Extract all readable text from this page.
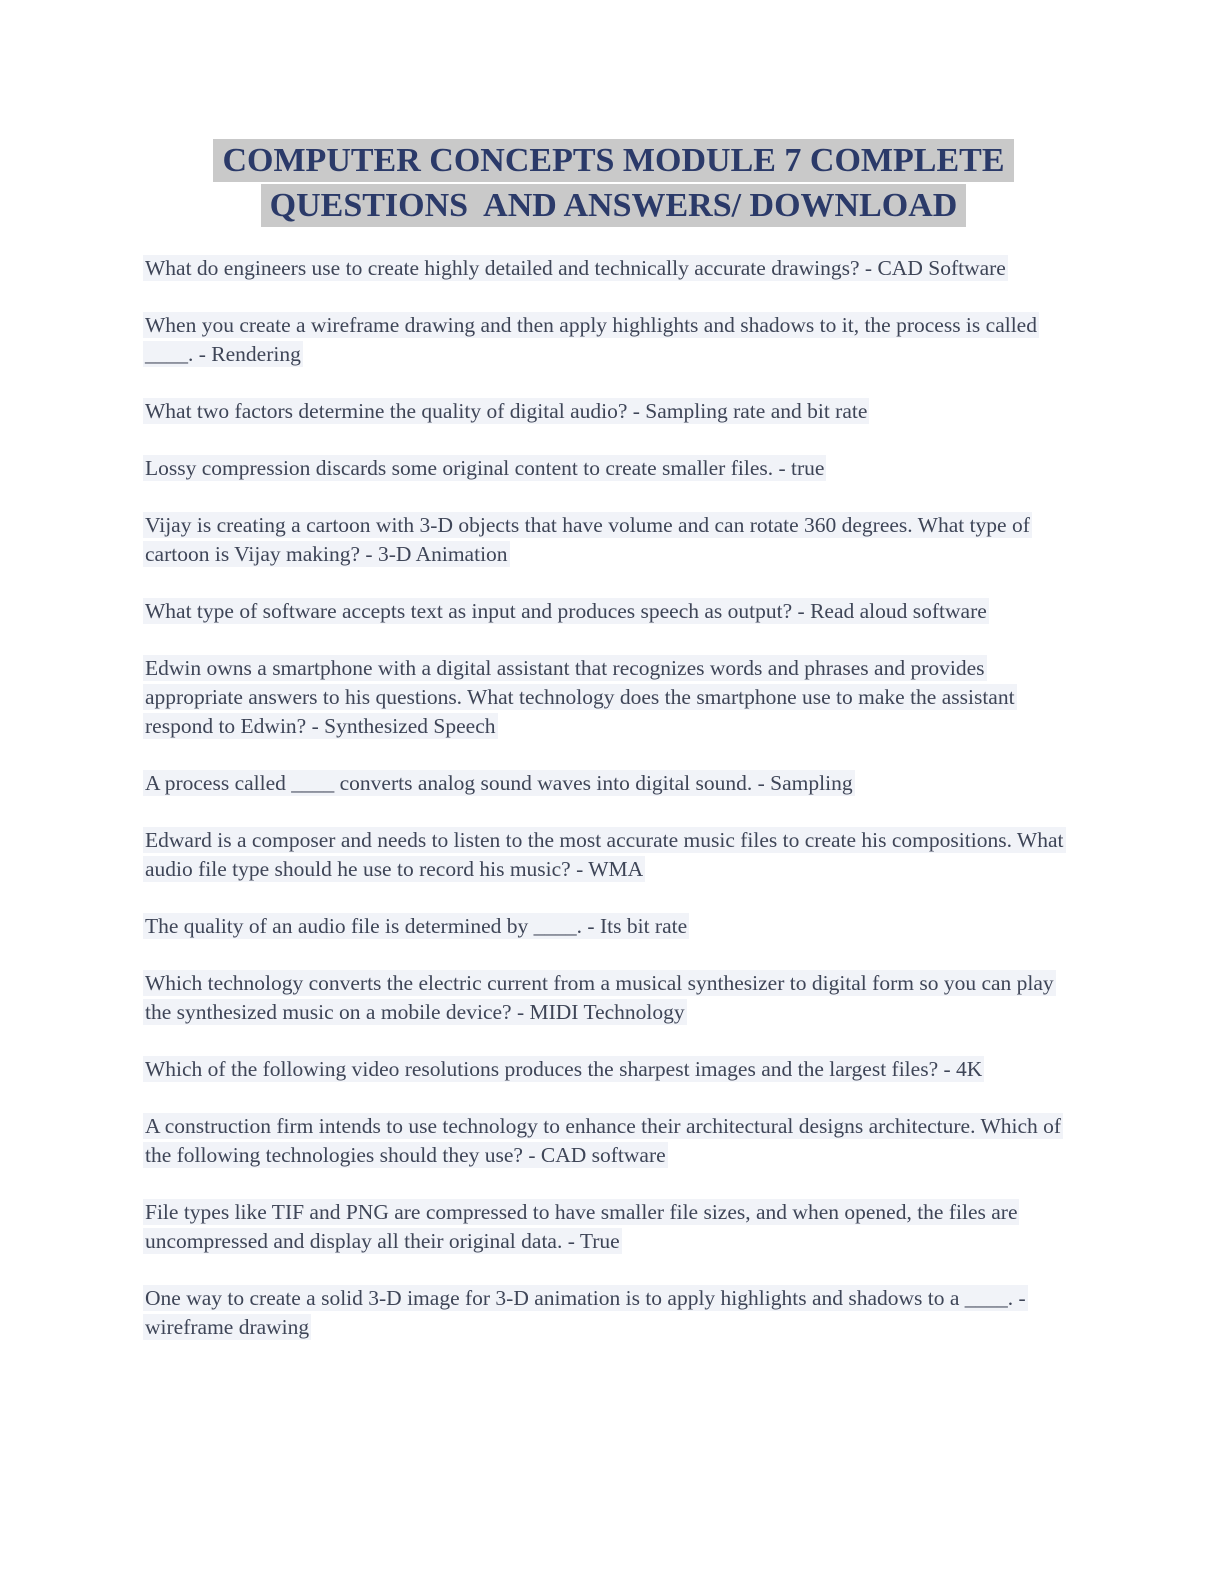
COMPUTER CONCEPTS MODULE 7 COMPLETE
QUESTIONS  AND ANSWERS/ DOWNLOAD

What do engineers use to create highly detailed and technically accurate drawings? - CAD Software

When you create a wireframe drawing and then apply highlights and shadows to it, the process is called ____. - Rendering

What two factors determine the quality of digital audio? - Sampling rate and bit rate

Lossy compression discards some original content to create smaller files. - true

Vijay is creating a cartoon with 3-D objects that have volume and can rotate 360 degrees. What type of cartoon is Vijay making? - 3-D Animation

What type of software accepts text as input and produces speech as output? - Read aloud software

Edwin owns a smartphone with a digital assistant that recognizes words and phrases and provides appropriate answers to his questions. What technology does the smartphone use to make the assistant respond to Edwin? - Synthesized Speech

A process called ____ converts analog sound waves into digital sound. - Sampling

Edward is a composer and needs to listen to the most accurate music files to create his compositions. What audio file type should he use to record his music? - WMA

The quality of an audio file is determined by ____. - Its bit rate

Which technology converts the electric current from a musical synthesizer to digital form so you can play the synthesized music on a mobile device? - MIDI Technology

Which of the following video resolutions produces the sharpest images and the largest files? - 4K

A construction firm intends to use technology to enhance their architectural designs architecture. Which of the following technologies should they use? - CAD software

File types like TIF and PNG are compressed to have smaller file sizes, and when opened, the files are uncompressed and display all their original data. - True

One way to create a solid 3-D image for 3-D animation is to apply highlights and shadows to a ____. - wireframe drawing
